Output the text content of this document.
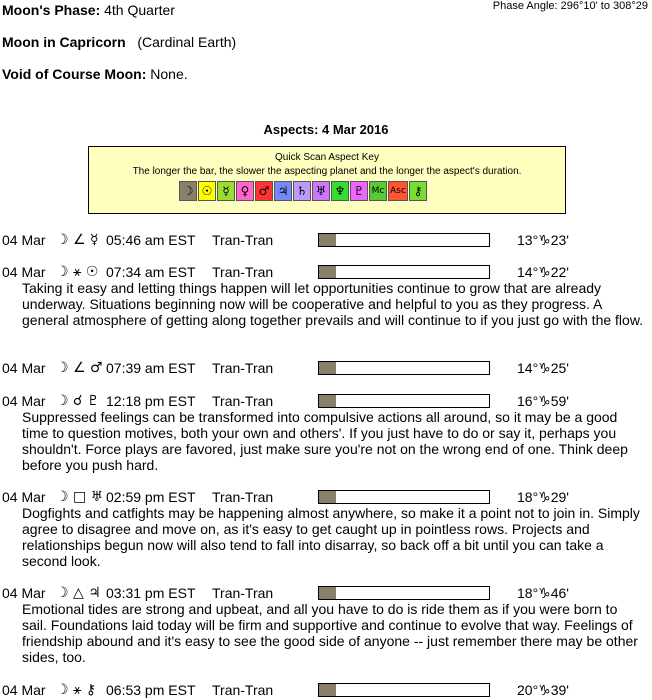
Moon's Phase: 4th Quarter	Phase Angle: 296°10' to 308°29
Moon in Capricorn (Cardinal Earth)
Void of Course Moon: None.
Aspects: 4 Mar 2016
Quick Scan Aspect Key
The longer the bar, the slower the aspecting planet and the longer the aspect's duration.
☽ ☉ ☿ ♀ ♂ ♃ ♄ ♅ ♆ ♇ Mc Asc ⚷
04 Mar ☽ ∠ ☿ 05:46 am EST Tran-Tran	13°♑23'
04 Mar ☽ ⚹ ☉ 07:34 am EST Tran-Tran	14°♑22'
Taking it easy and letting things happen will let opportunities continue to grow that are already underway. Situations beginning now will be cooperative and helpful to you as they progress. A general atmosphere of getting along together prevails and will continue to if you just go with the flow.
04 Mar ☽ ∠ ♂ 07:39 am EST Tran-Tran	14°♑25'
04 Mar ☽ ☌ ♇ 12:18 pm EST Tran-Tran	16°♑59'
Suppressed feelings can be transformed into compulsive actions all around, so it may be a good time to question motives, both your own and others'. If you just have to do or say it, perhaps you shouldn't. Force plays are favored, just make sure you're not on the wrong end of one. Think deep before you push hard.
04 Mar ☽ □ ♅ 02:59 pm EST Tran-Tran	18°♑29'
Dogfights and catfights may be happening almost anywhere, so make it a point not to join in. Simply agree to disagree and move on, as it's easy to get caught up in pointless rows. Projects and relationships begun now will also tend to fall into disarray, so back off a bit until you can take a second look.
04 Mar ☽ △ ♃ 03:31 pm EST Tran-Tran	18°♑46'
Emotional tides are strong and upbeat, and all you have to do is ride them as if you were born to sail. Foundations laid today will be firm and supportive and continue to evolve that way. Feelings of friendship abound and it's easy to see the good side of anyone -- just remember there may be other sides, too.
04 Mar ☽ ⚹ ⚷ 06:53 pm EST Tran-Tran	20°♑39'
